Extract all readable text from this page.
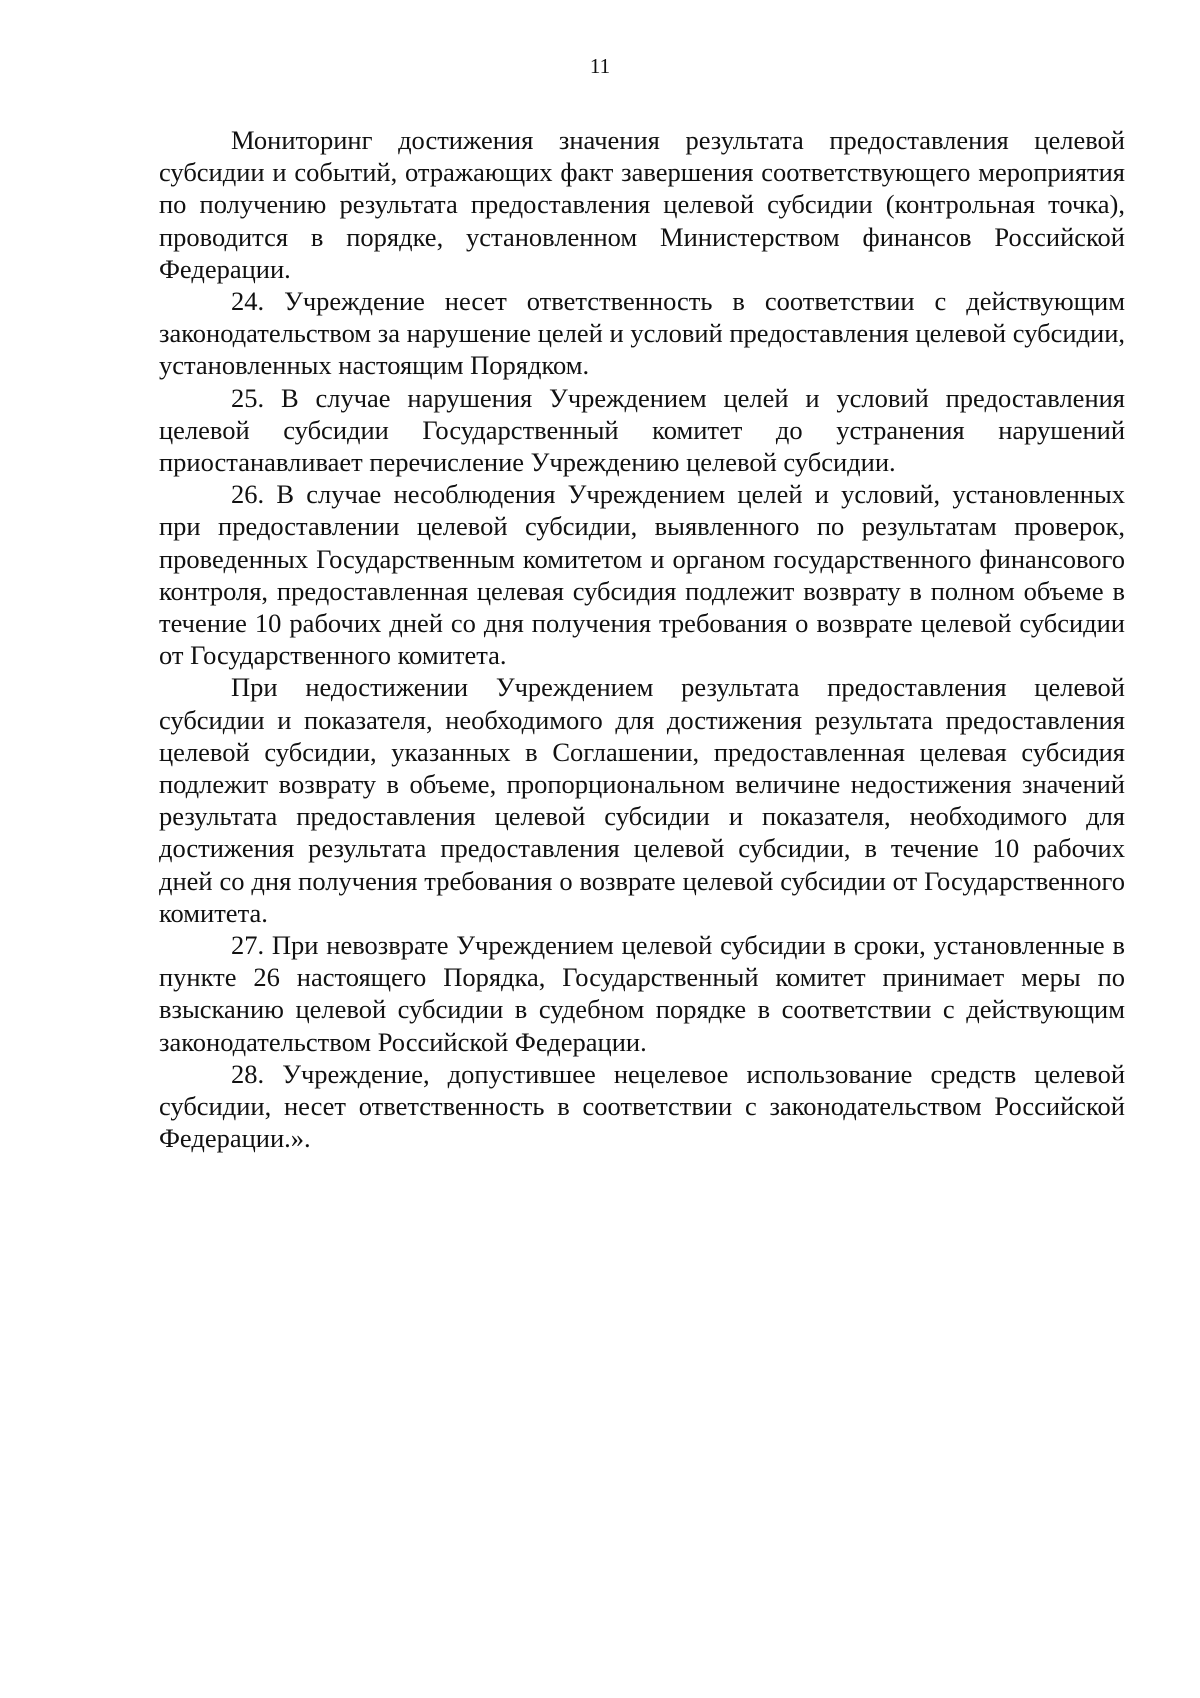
11

Мониторинг достижения значения результата предоставления целевой субсидии и событий, отражающих факт завершения соответствующего мероприятия по получению результата предоставления целевой субсидии (контрольная точка), проводится в порядке, установленном Министерством финансов Российской Федерации.

24. Учреждение несет ответственность в соответствии с действующим законодательством за нарушение целей и условий предоставления целевой субсидии, установленных настоящим Порядком.

25. В случае нарушения Учреждением целей и условий предоставления целевой субсидии Государственный комитет до устранения нарушений приостанавливает перечисление Учреждению целевой субсидии.

26. В случае несоблюдения Учреждением целей и условий, установленных при предоставлении целевой субсидии, выявленного по результатам проверок, проведенных Государственным комитетом и органом государственного финансового контроля, предоставленная целевая субсидия подлежит возврату в полном объеме в течение 10 рабочих дней со дня получения требования о возврате целевой субсидии от Государственного комитета.

При недостижении Учреждением результата предоставления целевой субсидии и показателя, необходимого для достижения результата предоставления целевой субсидии, указанных в Соглашении, предоставленная целевая субсидия подлежит возврату в объеме, пропорциональном величине недостижения значений результата предоставления целевой субсидии и показателя, необходимого для достижения результата предоставления целевой субсидии, в течение 10 рабочих дней со дня получения требования о возврате целевой субсидии от Государственного комитета.

27. При невозврате Учреждением целевой субсидии в сроки, установленные в пункте 26 настоящего Порядка, Государственный комитет принимает меры по взысканию целевой субсидии в судебном порядке в соответствии с действующим законодательством Российской Федерации.

28. Учреждение, допустившее нецелевое использование средств целевой субсидии, несет ответственность в соответствии с законодательством Российской Федерации.».
